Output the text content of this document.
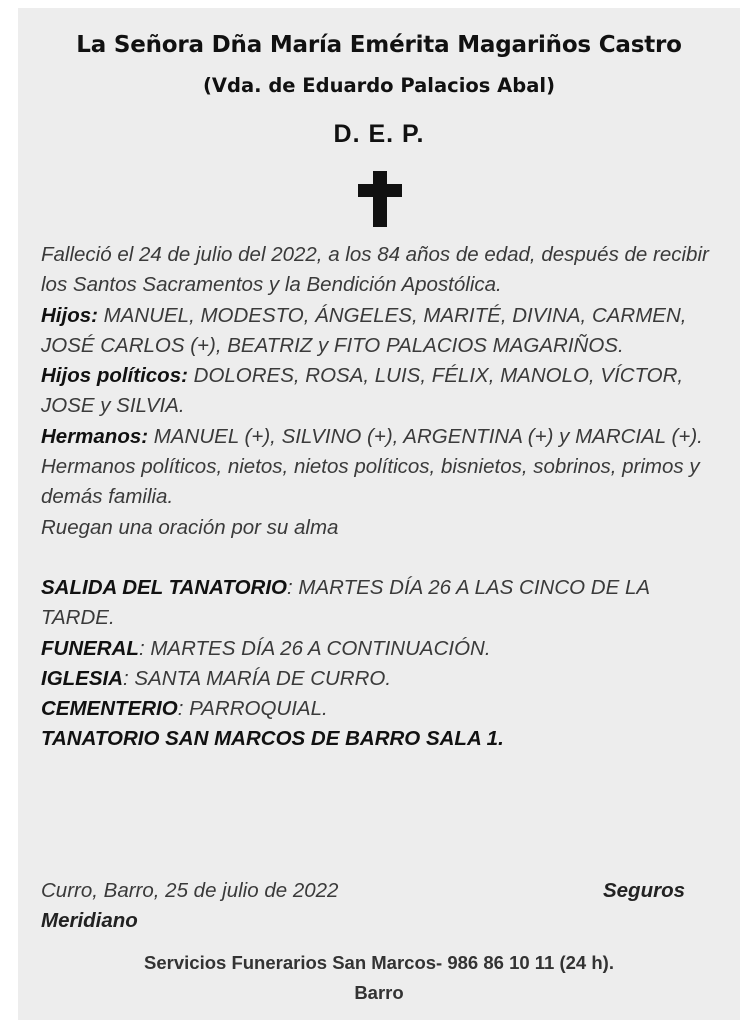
La Señora Dña María Emérita Magariños Castro
(Vda. de Eduardo Palacios Abal)
D. E. P.

Falleció el 24 de julio del 2022, a los 84 años de edad, después de recibir los Santos Sacramentos y la Bendición Apostólica.

Hijos: MANUEL, MODESTO, ÁNGELES, MARITÉ, DIVINA, CARMEN, JOSÉ CARLOS (+), BEATRIZ y FITO PALACIOS MAGARIÑOS.

Hijos políticos: DOLORES, ROSA, LUIS, FÉLIX, MANOLO, VÍCTOR, JOSE y SILVIA.

Hermanos: MANUEL (+), SILVINO (+), ARGENTINA (+) y MARCIAL (+).

Hermanos políticos, nietos, nietos políticos, bisnietos, sobrinos, primos y demás familia.

Ruegan una oración por su alma

SALIDA DEL TANATORIO: MARTES DÍA 26 A LAS CINCO DE LA TARDE.

FUNERAL: MARTES DÍA 26 A CONTINUACIÓN.

IGLESIA: SANTA MARÍA DE CURRO.

CEMENTERIO: PARROQUIAL.

TANATORIO SAN MARCOS DE BARRO SALA 1.

Curro, Barro, 25 de julio de 2022	Seguros
Meridiano
Servicios Funerarios San Marcos- 986 86 10 11 (24 h).
Barro
